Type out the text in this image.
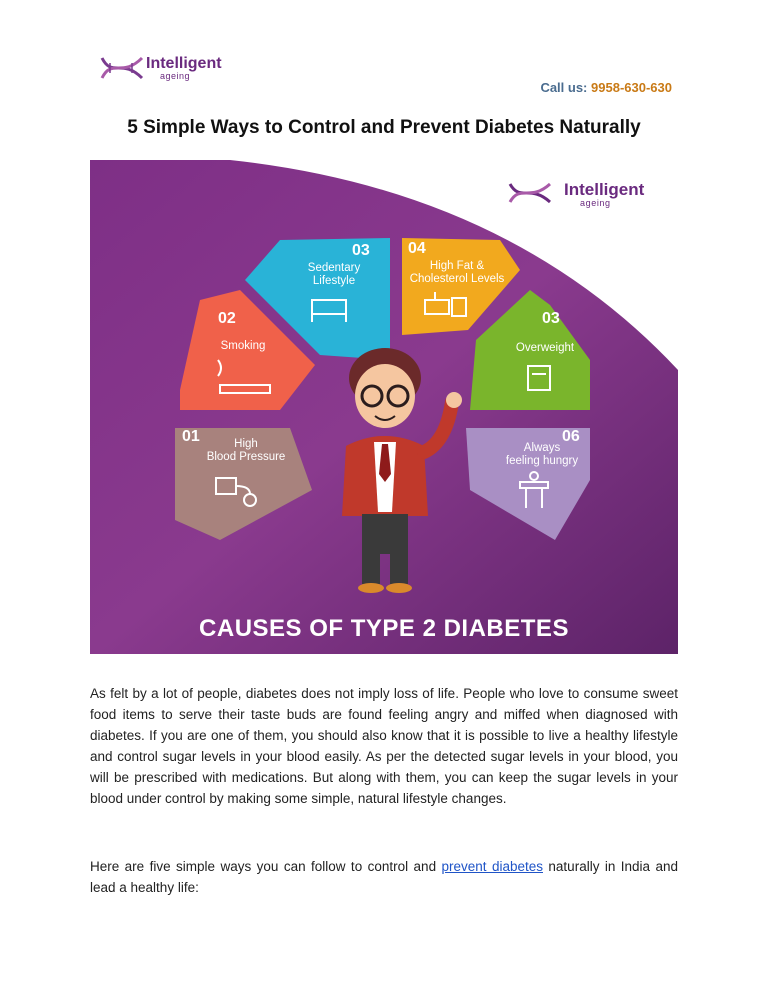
Intelligent
ageing
Call us: 9958-630-630
5 Simple Ways to Control and Prevent Diabetes Naturally
Intelligent
ageing
03
Sedentary
Lifestyle
04
High Fat &
Cholesterol Levels
02
Smoking
03
Overweight
01	High
Blood Pressure
06
Always
feeling hungry
CAUSES OF TYPE 2 DIABETES

As felt by a lot of people, diabetes does not imply loss of life. People who love to consume sweet food items to serve their taste buds are found feeling angry and miffed when diagnosed with diabetes. If you are one of them, you should also know that it is possible to live a healthy lifestyle and control sugar levels in your blood easily. As per the detected sugar levels in your blood, you will be prescribed with medications. But along with them, you can keep the sugar levels in your blood under control by making some simple, natural lifestyle changes.

Here are five simple ways you can follow to control and prevent diabetes naturally in India and lead a healthy life:
